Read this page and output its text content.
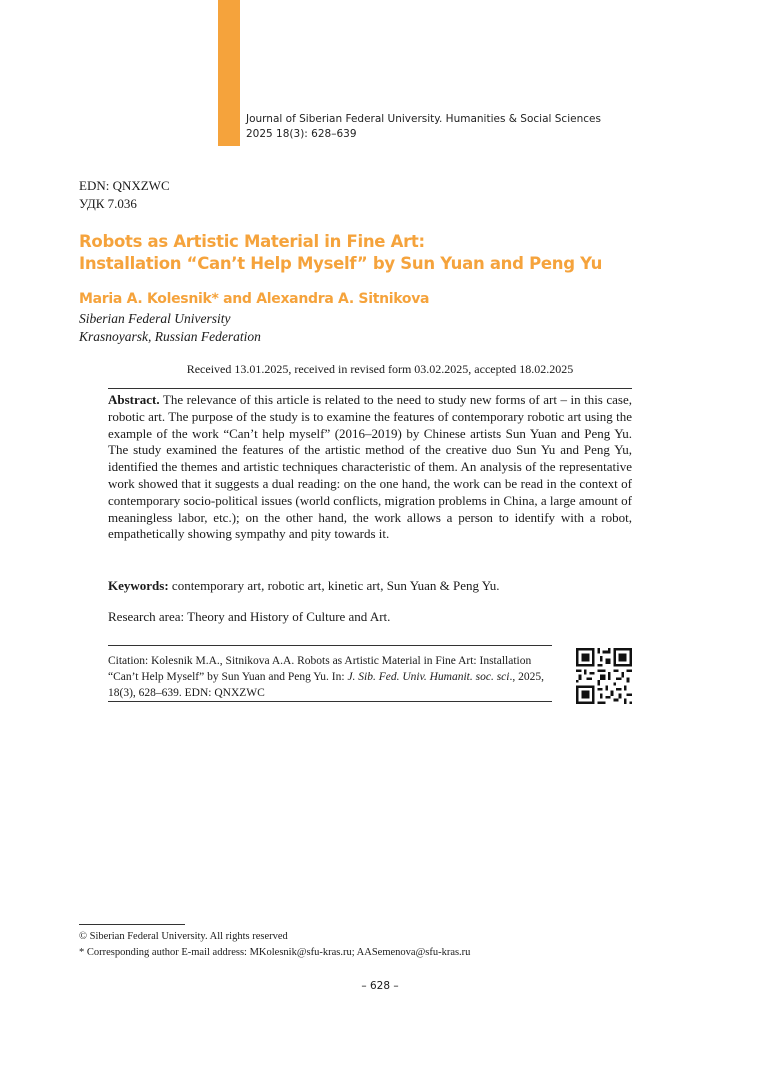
Journal of Siberian Federal University. Humanities & Social Sciences
2025 18(3): 628–639
EDN: QNXZWC
УДК 7.036
Robots as Artistic Material in Fine Art:
Installation “Can’t Help Myself” by Sun Yuan and Peng Yu
Maria A. Kolesnik* and Alexandra A. Sitnikova
Siberian Federal University
Krasnoyarsk, Russian Federation
Received 13.01.2025, received in revised form 03.02.2025, accepted 18.02.2025
Abstract. The relevance of this article is related to the need to study new forms of art – in this case, robotic art. The purpose of the study is to examine the features of contemporary robotic art using the example of the work “Can’t help myself” (2016–2019) by Chinese artists Sun Yuan and Peng Yu. The study examined the features of the artistic method of the creative duo Sun Yu and Peng Yu, identified the themes and artistic techniques characteristic of them. An analysis of the representative work showed that it suggests a dual reading: on the one hand, the work can be read in the context of contemporary socio-political issues (world conflicts, migration problems in China, a large amount of meaningless labor, etc.); on the other hand, the work allows a person to identify with a robot, empathetically showing sympathy and pity towards it.
Keywords: contemporary art, robotic art, kinetic art, Sun Yuan & Peng Yu.
Research area: Theory and History of Culture and Art.
Citation: Kolesnik M.A., Sitnikova A.A. Robots as Artistic Material in Fine Art: Installation “Can’t Help Myself” by Sun Yuan and Peng Yu. In: J. Sib. Fed. Univ. Humanit. soc. sci., 2025, 18(3), 628–639. EDN: QNXZWC
© Siberian Federal University. All rights reserved
* Corresponding author E-mail address: MKolesnik@sfu-kras.ru; AASemenova@sfu-kras.ru
– 628 –
